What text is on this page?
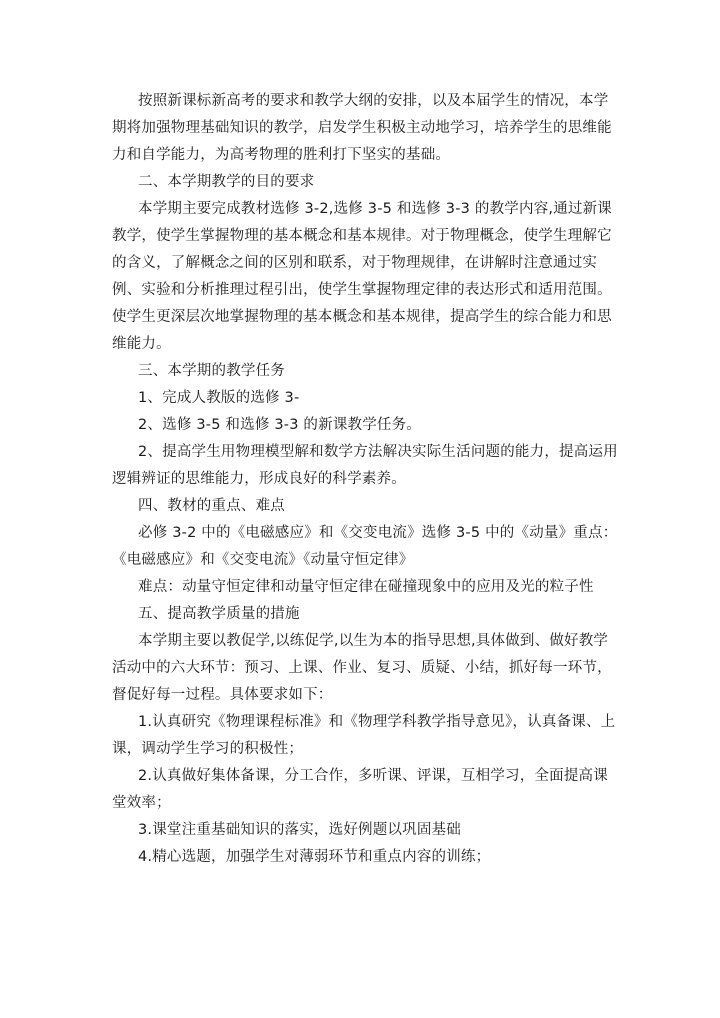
按照新课标新高考的要求和教学大纲的安排，以及本届学生的情况，本学
期将加强物理基础知识的教学，启发学生积极主动地学习，培养学生的思维能
力和自学能力，为高考物理的胜利打下坚实的基础。
二、本学期教学的目的要求
本学期主要完成教材选修 3-2,选修 3-5 和选修 3-3 的教学内容,通过新课
教学，使学生掌握物理的基本概念和基本规律。对于物理概念，使学生理解它
的含义，了解概念之间的区别和联系，对于物理规律，在讲解时注意通过实
例、实验和分析推理过程引出，使学生掌握物理定律的表达形式和适用范围。
使学生更深层次地掌握物理的基本概念和基本规律，提高学生的综合能力和思
维能力。
三、本学期的教学任务
1、完成人教版的选修 3-
2、选修 3-5 和选修 3-3 的新课教学任务。
2、提高学生用物理模型解和数学方法解决实际生活问题的能力，提高运用
逻辑辨证的思维能力，形成良好的科学素养。
四、教材的重点、难点
必修 3-2 中的《电磁感应》和《交变电流》选修 3-5 中的《动量》重点：
《电磁感应》和《交变电流》《动量守恒定律》
难点：动量守恒定律和动量守恒定律在碰撞现象中的应用及光的粒子性
五、提高教学质量的措施
本学期主要以教促学,以练促学,以生为本的指导思想,具体做到、做好教学
活动中的六大环节：预习、上课、作业、复习、质疑、小结，抓好每一环节，
督促好每一过程。具体要求如下：
1.认真研究《物理课程标准》和《物理学科教学指导意见》，认真备课、上
课，调动学生学习的积极性；
2.认真做好集体备课，分工合作，多听课、评课，互相学习，全面提高课
堂效率；
3.课堂注重基础知识的落实，选好例题以巩固基础
4.精心选题，加强学生对薄弱环节和重点内容的训练；
